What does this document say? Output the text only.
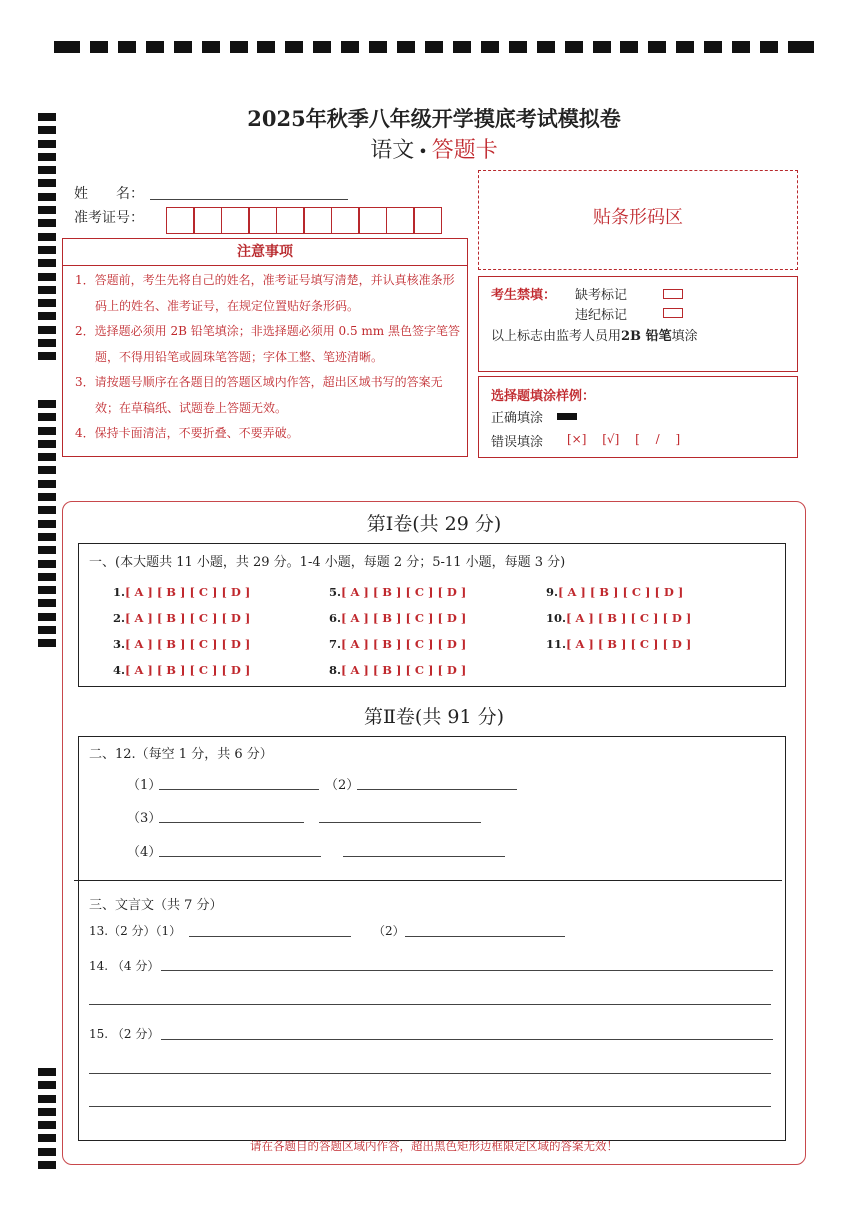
2025年秋季八年级开学摸底考试模拟卷
语文 • 答题卡
姓　　名：
准考证号：
注意事项

1．答题前，考生先将自己的姓名，准考证号填写清楚，并认真核准条形码上的姓名、准考证号，在规定位置贴好条形码。

2．选择题必须用 2B 铅笔填涂；非选择题必须用 0.5 mm 黑色签字笔答题，不得用铅笔或圆珠笔答题；字体工整、笔迹清晰。

3．请按题号顺序在各题目的答题区域内作答，超出区域书写的答案无效；在草稿纸、试题卷上答题无效。

4．保持卡面清洁，不要折叠、不要弄破。

贴条形码区
考生禁填： 缺考标记
违纪标记
以上标志由监考人员用2B 铅笔填涂
选择题填涂样例：
正确填涂
错误填涂 [×] [√] [ / ]
第Ⅰ卷(共 29 分)
一、(本大题共 11 小题，共 29 分。1-4 小题，每题 2 分；5-11 小题，每题 3 分)
1.[ A ] [ B ] [ C ] [ D ]
2.[ A ] [ B ] [ C ] [ D ]
3.[ A ] [ B ] [ C ] [ D ]
4.[ A ] [ B ] [ C ] [ D ]
5.[ A ] [ B ] [ C ] [ D ]
6.[ A ] [ B ] [ C ] [ D ]
7.[ A ] [ B ] [ C ] [ D ]
8.[ A ] [ B ] [ C ] [ D ]
9.[ A ] [ B ] [ C ] [ D ]
10.[ A ] [ B ] [ C ] [ D ]
11.[ A ] [ B ] [ C ] [ D ]
第Ⅱ卷(共 91 分)
二、12.（每空 1 分，共 6 分）
（1）	（2）
（3）
（4）
三、文言文（共 7 分）
13.（2 分）（1）	（2）
14. （4 分）
15. （2 分）
请在各题目的答题区域内作答，超出黑色矩形边框限定区域的答案无效！
